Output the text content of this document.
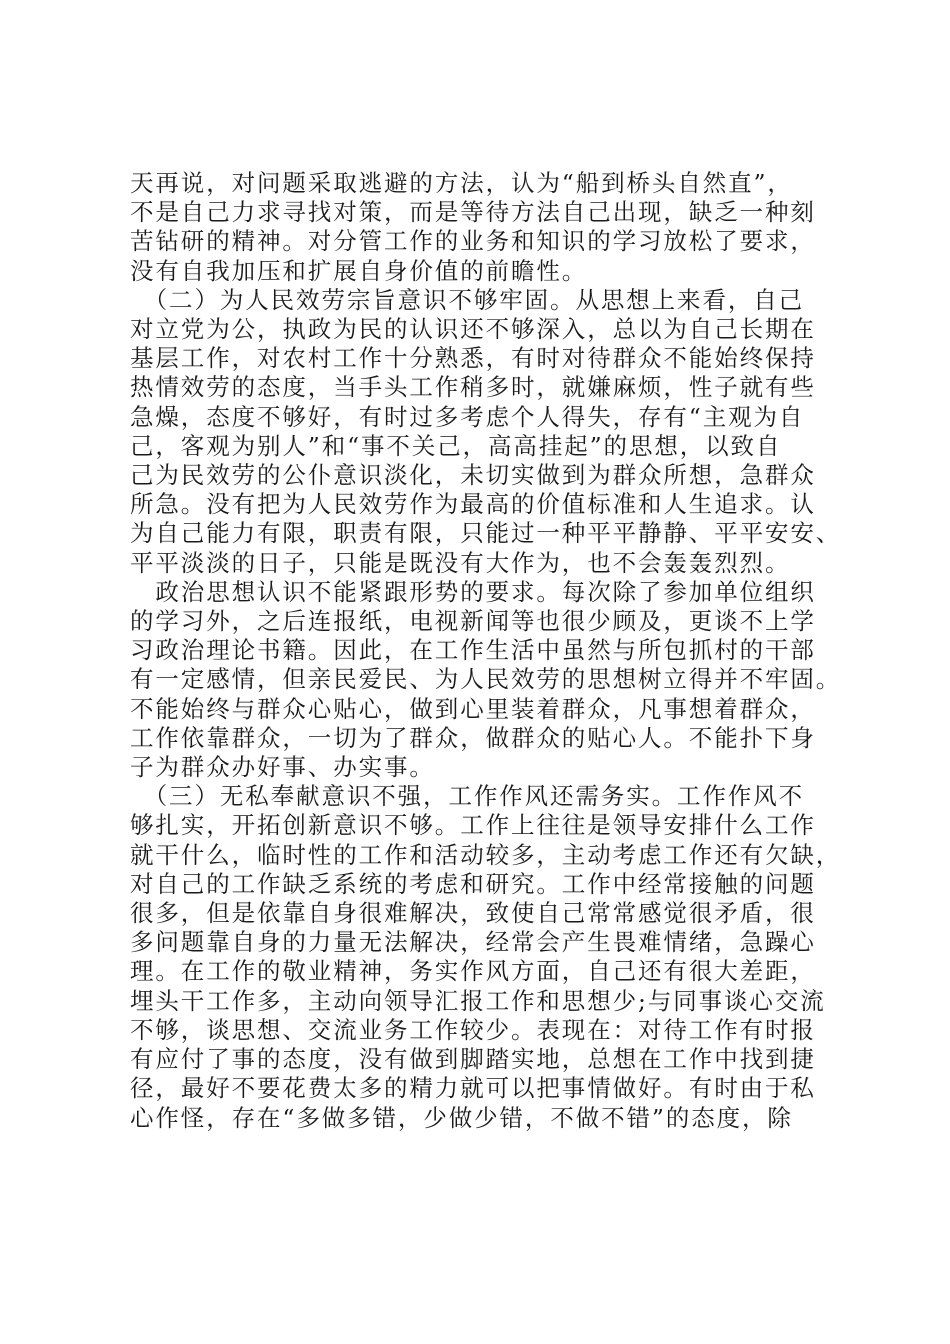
天再说，对问题采取逃避的方法，认为“船到桥头自然直”，
不是自己力求寻找对策，而是等待方法自己出现，缺乏一种刻
苦钻研的精神。对分管工作的业务和知识的学习放松了要求，
没有自我加压和扩展自身价值的前瞻性。
　（二）为人民效劳宗旨意识不够牢固。从思想上来看，自己
对立党为公，执政为民的认识还不够深入，总以为自己长期在
基层工作，对农村工作十分熟悉，有时对待群众不能始终保持
热情效劳的态度，当手头工作稍多时，就嫌麻烦，性子就有些
急燥，态度不够好，有时过多考虑个人得失，存有“主观为自
己，客观为别人”和“事不关己，高高挂起”的思想，以致自
己为民效劳的公仆意识淡化，未切实做到为群众所想，急群众
所急。没有把为人民效劳作为最高的价值标准和人生追求。认
为自己能力有限，职责有限，只能过一种平平静静、平平安安、
平平淡淡的日子，只能是既没有大作为，也不会轰轰烈烈。
　政治思想认识不能紧跟形势的要求。每次除了参加单位组织
的学习外，之后连报纸，电视新闻等也很少顾及，更谈不上学
习政治理论书籍。因此，在工作生活中虽然与所包抓村的干部
有一定感情，但亲民爱民、为人民效劳的思想树立得并不牢固。
不能始终与群众心贴心，做到心里装着群众，凡事想着群众，
工作依靠群众，一切为了群众，做群众的贴心人。不能扑下身
子为群众办好事、办实事。
　（三）无私奉献意识不强，工作作风还需务实。工作作风不
够扎实，开拓创新意识不够。工作上往往是领导安排什么工作
就干什么，临时性的工作和活动较多，主动考虑工作还有欠缺，
对自己的工作缺乏系统的考虑和研究。工作中经常接触的问题
很多，但是依靠自身很难解决，致使自己常常感觉很矛盾，很
多问题靠自身的力量无法解决，经常会产生畏难情绪，急躁心
理。在工作的敬业精神，务实作风方面，自己还有很大差距，
埋头干工作多，主动向领导汇报工作和思想少;与同事谈心交流
不够，谈思想、交流业务工作较少。表现在：对待工作有时报
有应付了事的态度，没有做到脚踏实地，总想在工作中找到捷
径，最好不要花费太多的精力就可以把事情做好。有时由于私
心作怪，存在“多做多错，少做少错，不做不错”的态度，除
